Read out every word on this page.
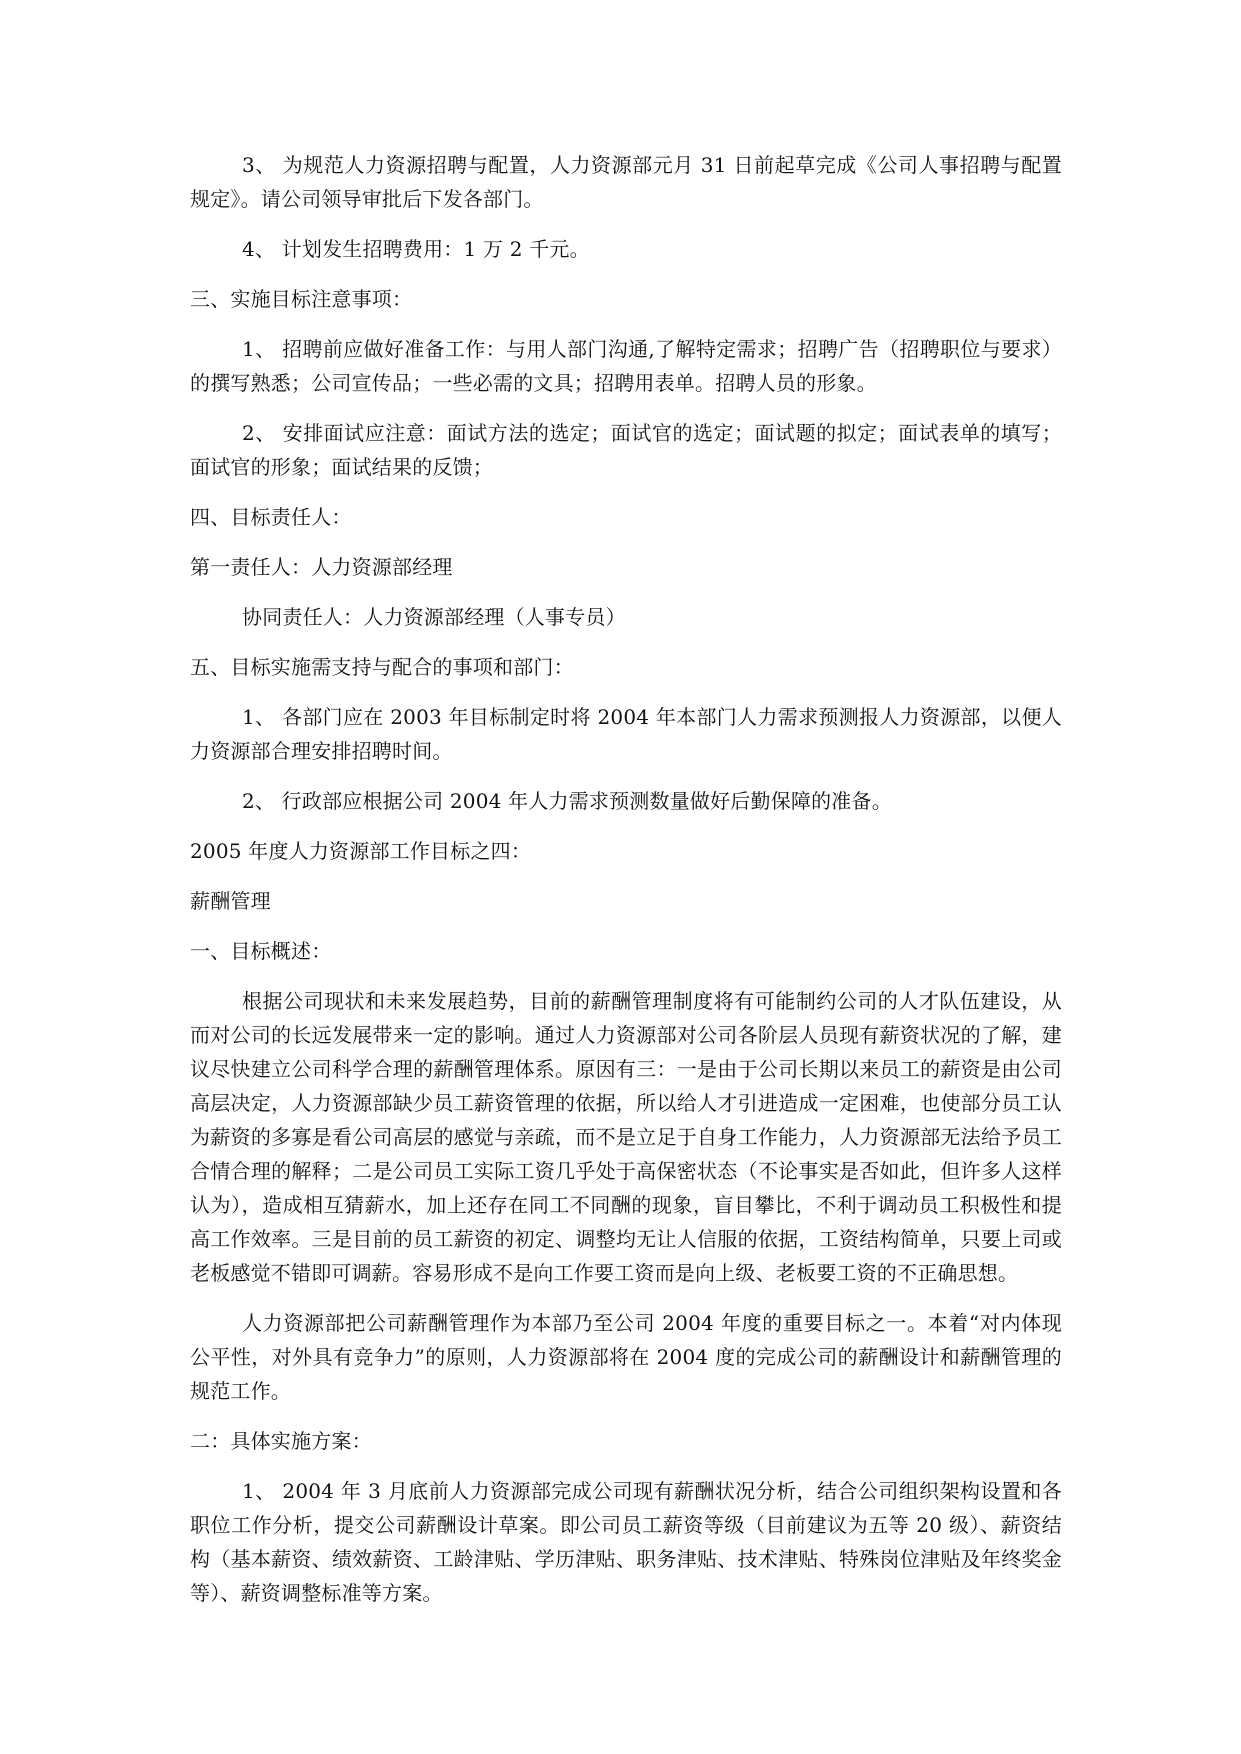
3、 为规范人力资源招聘与配置，人力资源部元月 31 日前起草完成《公司人事招聘与配置规定》。请公司领导审批后下发各部门。

4、 计划发生招聘费用：1 万 2 千元。

三、实施目标注意事项：

1、 招聘前应做好准备工作：与用人部门沟通,了解特定需求；招聘广告（招聘职位与要求）的撰写熟悉；公司宣传品；一些必需的文具；招聘用表单。招聘人员的形象。

2、 安排面试应注意：面试方法的选定；面试官的选定；面试题的拟定；面试表单的填写；面试官的形象；面试结果的反馈；

四、目标责任人：

第一责任人：人力资源部经理

协同责任人：人力资源部经理（人事专员）

五、目标实施需支持与配合的事项和部门：

1、 各部门应在 2003 年目标制定时将 2004 年本部门人力需求预测报人力资源部，以便人力资源部合理安排招聘时间。

2、 行政部应根据公司 2004 年人力需求预测数量做好后勤保障的准备。

2005 年度人力资源部工作目标之四：

薪酬管理

一、目标概述：

根据公司现状和未来发展趋势，目前的薪酬管理制度将有可能制约公司的人才队伍建设，从而对公司的长远发展带来一定的影响。通过人力资源部对公司各阶层人员现有薪资状况的了解，建议尽快建立公司科学合理的薪酬管理体系。原因有三：一是由于公司长期以来员工的薪资是由公司高层决定，人力资源部缺少员工薪资管理的依据，所以给人才引进造成一定困难，也使部分员工认为薪资的多寡是看公司高层的感觉与亲疏，而不是立足于自身工作能力，人力资源部无法给予员工合情合理的解释；二是公司员工实际工资几乎处于高保密状态（不论事实是否如此，但许多人这样认为），造成相互猜薪水，加上还存在同工不同酬的现象，盲目攀比，不利于调动员工积极性和提高工作效率。三是目前的员工薪资的初定、调整均无让人信服的依据，工资结构简单，只要上司或老板感觉不错即可调薪。容易形成不是向工作要工资而是向上级、老板要工资的不正确思想。

人力资源部把公司薪酬管理作为本部乃至公司 2004 年度的重要目标之一。本着“对内体现公平性，对外具有竞争力”的原则，人力资源部将在 2004 度的完成公司的薪酬设计和薪酬管理的规范工作。

二：具体实施方案：

1、 2004 年 3 月底前人力资源部完成公司现有薪酬状况分析，结合公司组织架构设置和各职位工作分析，提交公司薪酬设计草案。即公司员工薪资等级（目前建议为五等 20 级）、薪资结构（基本薪资、绩效薪资、工龄津贴、学历津贴、职务津贴、技术津贴、特殊岗位津贴及年终奖金等）、薪资调整标准等方案。
